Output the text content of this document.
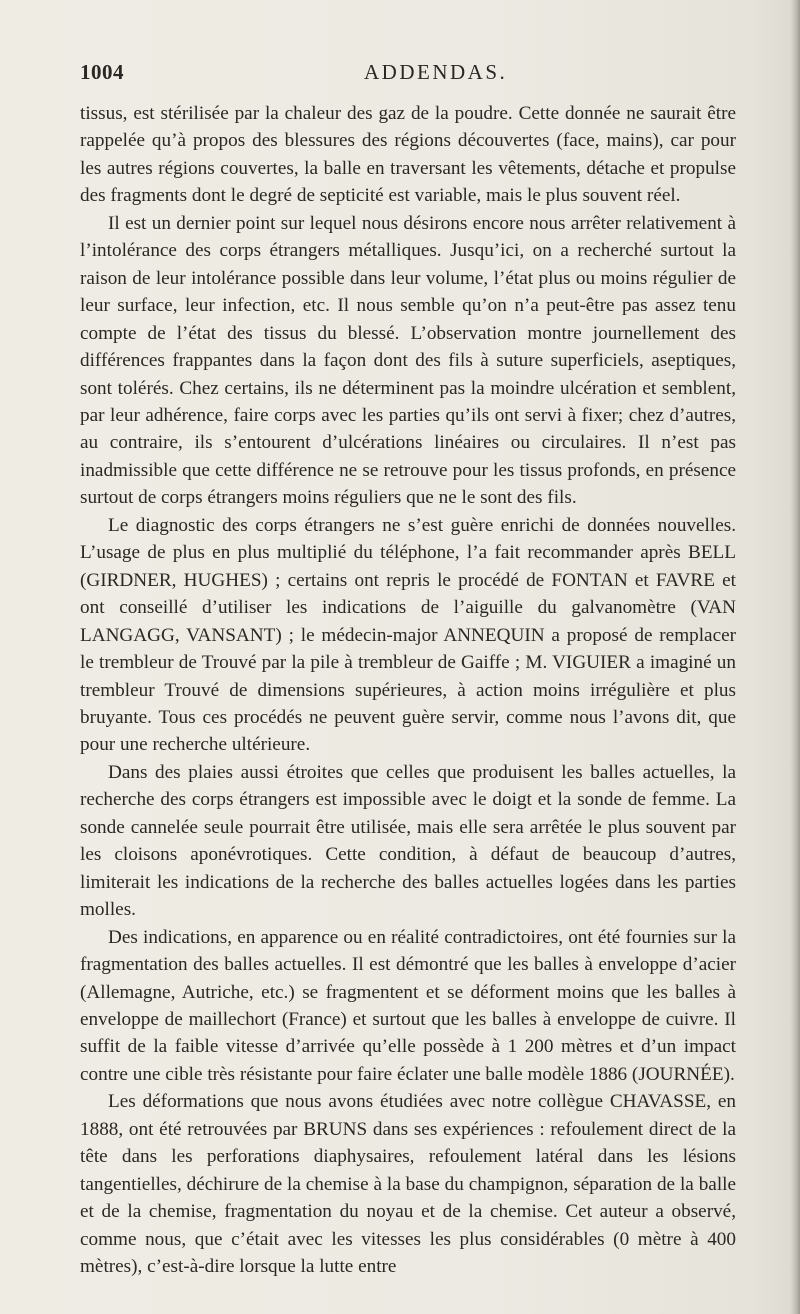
1004	ADDENDAS.

tissus, est stérilisée par la chaleur des gaz de la poudre. Cette donnée ne saurait être rappelée qu’à propos des blessures des régions découvertes (face, mains), car pour les autres régions couvertes, la balle en traversant les vêtements, détache et propulse des fragments dont le degré de septicité est variable, mais le plus souvent réel.

Il est un dernier point sur lequel nous désirons encore nous arrêter relativement à l’intolérance des corps étrangers métalliques. Jusqu’ici, on a recherché surtout la raison de leur intolérance possible dans leur volume, l’état plus ou moins régulier de leur surface, leur infection, etc. Il nous semble qu’on n’a peut-être pas assez tenu compte de l’état des tissus du blessé. L’observation montre journellement des différences frappantes dans la façon dont des fils à suture superficiels, aseptiques, sont tolérés. Chez certains, ils ne déterminent pas la moindre ulcération et semblent, par leur adhérence, faire corps avec les parties qu’ils ont servi à fixer; chez d’autres, au contraire, ils s’entourent d’ulcérations linéaires ou circulaires. Il n’est pas inadmissible que cette différence ne se retrouve pour les tissus profonds, en présence surtout de corps étrangers moins réguliers que ne le sont des fils.

Le diagnostic des corps étrangers ne s’est guère enrichi de données nouvelles. L’usage de plus en plus multiplié du téléphone, l’a fait recommander après BELL (GIRDNER, HUGHES) ; certains ont repris le procédé de FONTAN et FAVRE et ont conseillé d’utiliser les indications de l’aiguille du galvanomètre (VAN LANGAGG, VANSANT) ; le médecin-major ANNEQUIN a proposé de remplacer le trembleur de Trouvé par la pile à trembleur de Gaiffe ; M. VIGUIER a imaginé un trembleur Trouvé de dimensions supérieures, à action moins irrégulière et plus bruyante. Tous ces procédés ne peuvent guère servir, comme nous l’avons dit, que pour une recherche ultérieure.

Dans des plaies aussi étroites que celles que produisent les balles actuelles, la recherche des corps étrangers est impossible avec le doigt et la sonde de femme. La sonde cannelée seule pourrait être utilisée, mais elle sera arrêtée le plus souvent par les cloisons aponévrotiques. Cette condition, à défaut de beaucoup d’autres, limiterait les indications de la recherche des balles actuelles logées dans les parties molles.

Des indications, en apparence ou en réalité contradictoires, ont été fournies sur la fragmentation des balles actuelles. Il est démontré que les balles à enveloppe d’acier (Allemagne, Autriche, etc.) se fragmentent et se déforment moins que les balles à enveloppe de maillechort (France) et surtout que les balles à enveloppe de cuivre. Il suffit de la faible vitesse d’arrivée qu’elle possède à 1 200 mètres et d’un impact contre une cible très résistante pour faire éclater une balle modèle 1886 (JOURNÉE).

Les déformations que nous avons étudiées avec notre collègue CHAVASSE, en 1888, ont été retrouvées par BRUNS dans ses expériences : refoulement direct de la tête dans les perforations diaphysaires, refoulement latéral dans les lésions tangentielles, déchirure de la chemise à la base du champignon, séparation de la balle et de la chemise, fragmentation du noyau et de la chemise. Cet auteur a observé, comme nous, que c’était avec les vitesses les plus considérables (0 mètre à 400 mètres), c’est-à-dire lorsque la lutte entre
